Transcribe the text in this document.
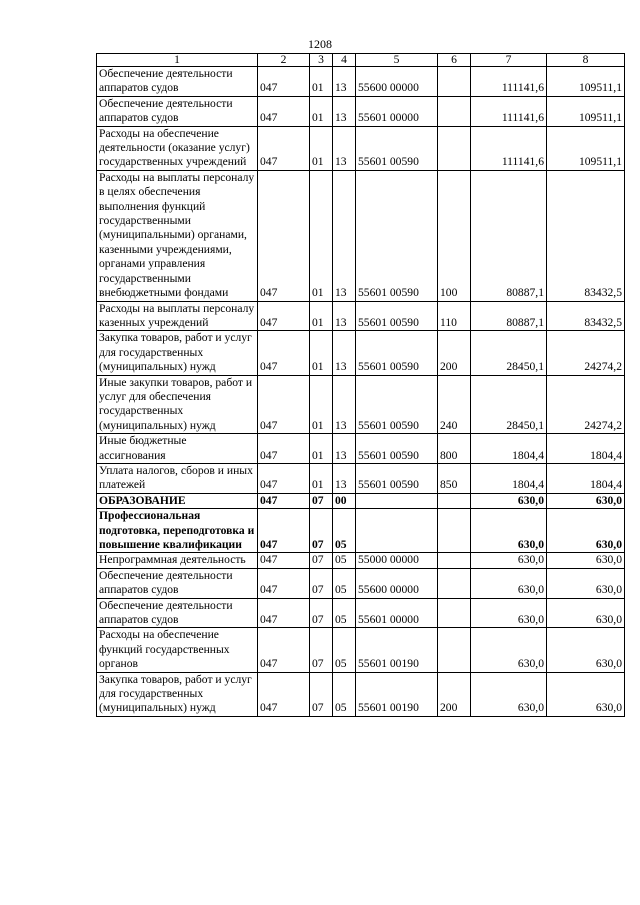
1208
1	2	3	4	5	6	7	8
Обеспечение деятельности аппаратов судов	047	01	13	55600 00000		111141,6	109511,1
Обеспечение деятельности аппаратов судов	047	01	13	55601 00000		111141,6	109511,1
Расходы на обеспечение деятельности (оказание услуг) государственных учреждений	047	01	13	55601 00590		111141,6	109511,1
Расходы на выплаты персоналу в целях обеспечения выполнения функций государственными (муниципальными) органами, казенными учреждениями, органами управления государственными внебюджетными фондами	047	01	13	55601 00590	100	80887,1	83432,5
Расходы на выплаты персоналу казенных учреждений	047	01	13	55601 00590	110	80887,1	83432,5
Закупка товаров, работ и услуг для государственных (муниципальных) нужд	047	01	13	55601 00590	200	28450,1	24274,2
Иные закупки товаров, работ и услуг для обеспечения государственных (муниципальных) нужд	047	01	13	55601 00590	240	28450,1	24274,2
Иные бюджетные ассигнования	047	01	13	55601 00590	800	1804,4	1804,4
Уплата налогов, сборов и иных платежей	047	01	13	55601 00590	850	1804,4	1804,4
ОБРАЗОВАНИЕ	047	07	00			630,0	630,0
Профессиональная подготовка, переподготовка и повышение квалификации	047	07	05			630,0	630,0
Непрограммная деятельность	047	07	05	55000 00000		630,0	630,0
Обеспечение деятельности аппаратов судов	047	07	05	55600 00000		630,0	630,0
Обеспечение деятельности аппаратов судов	047	07	05	55601 00000		630,0	630,0
Расходы на обеспечение функций государственных органов	047	07	05	55601 00190		630,0	630,0
Закупка товаров, работ и услуг для государственных (муниципальных) нужд	047	07	05	55601 00190	200	630,0	630,0
